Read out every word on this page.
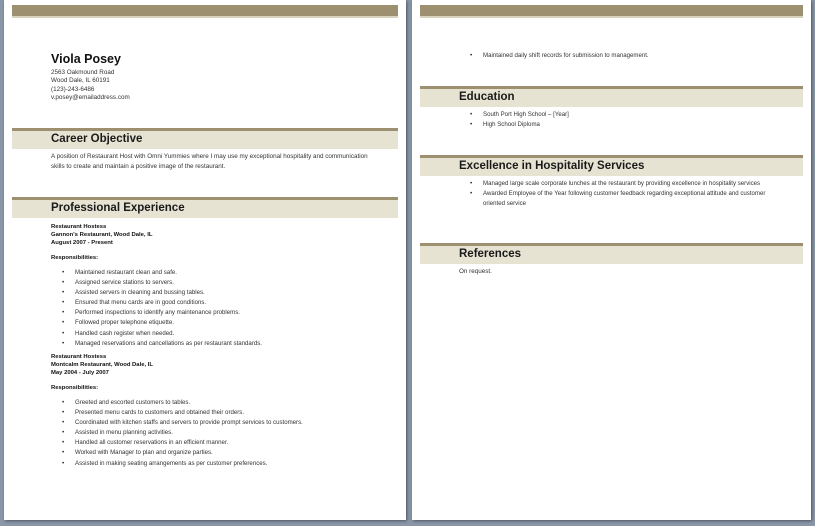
Viola Posey
2563 Oakmound Road
Wood Dale, IL 60191
(123)-243-6486
v.posey@emailaddress.com
Career Objective
A position of Restaurant Host with Omni Yummies where I may use my exceptional hospitality and communication skills to create and maintain a positive image of the restaurant.
Professional Experience
Restaurant Hostess
Gannon's Restaurant, Wood Dale, IL
August 2007 - Present
Responsibilities:
• Maintained restaurant clean and safe.
• Assigned service stations to servers.
• Assisted servers in cleaning and bussing tables.
• Ensured that menu cards are in good conditions.
• Performed inspections to identify any maintenance problems.
• Followed proper telephone etiquette.
• Handled cash register when needed.
• Managed reservations and cancellations as per restaurant standards.
Restaurant Hostess
Montcalm Restaurant, Wood Dale, IL
May 2004 - July 2007
Responsibilities:
• Greeted and escorted customers to tables.
• Presented menu cards to customers and obtained their orders.
• Coordinated with kitchen staffs and servers to provide prompt services to customers.
• Assisted in menu planning activities.
• Handled all customer reservations in an efficient manner.
• Worked with Manager to plan and organize parties.
• Assisted in making seating arrangements as per customer preferences.
• Maintained daily shift records for submission to management.
Education
• South Port High School – [Year]
• High School Diploma
Excellence in Hospitality Services
• Managed large scale corporate lunches at the restaurant by providing excellence in hospitality services
• Awarded Employee of the Year following customer feedback regarding exceptional attitude and customer oriented service
References
On request.
